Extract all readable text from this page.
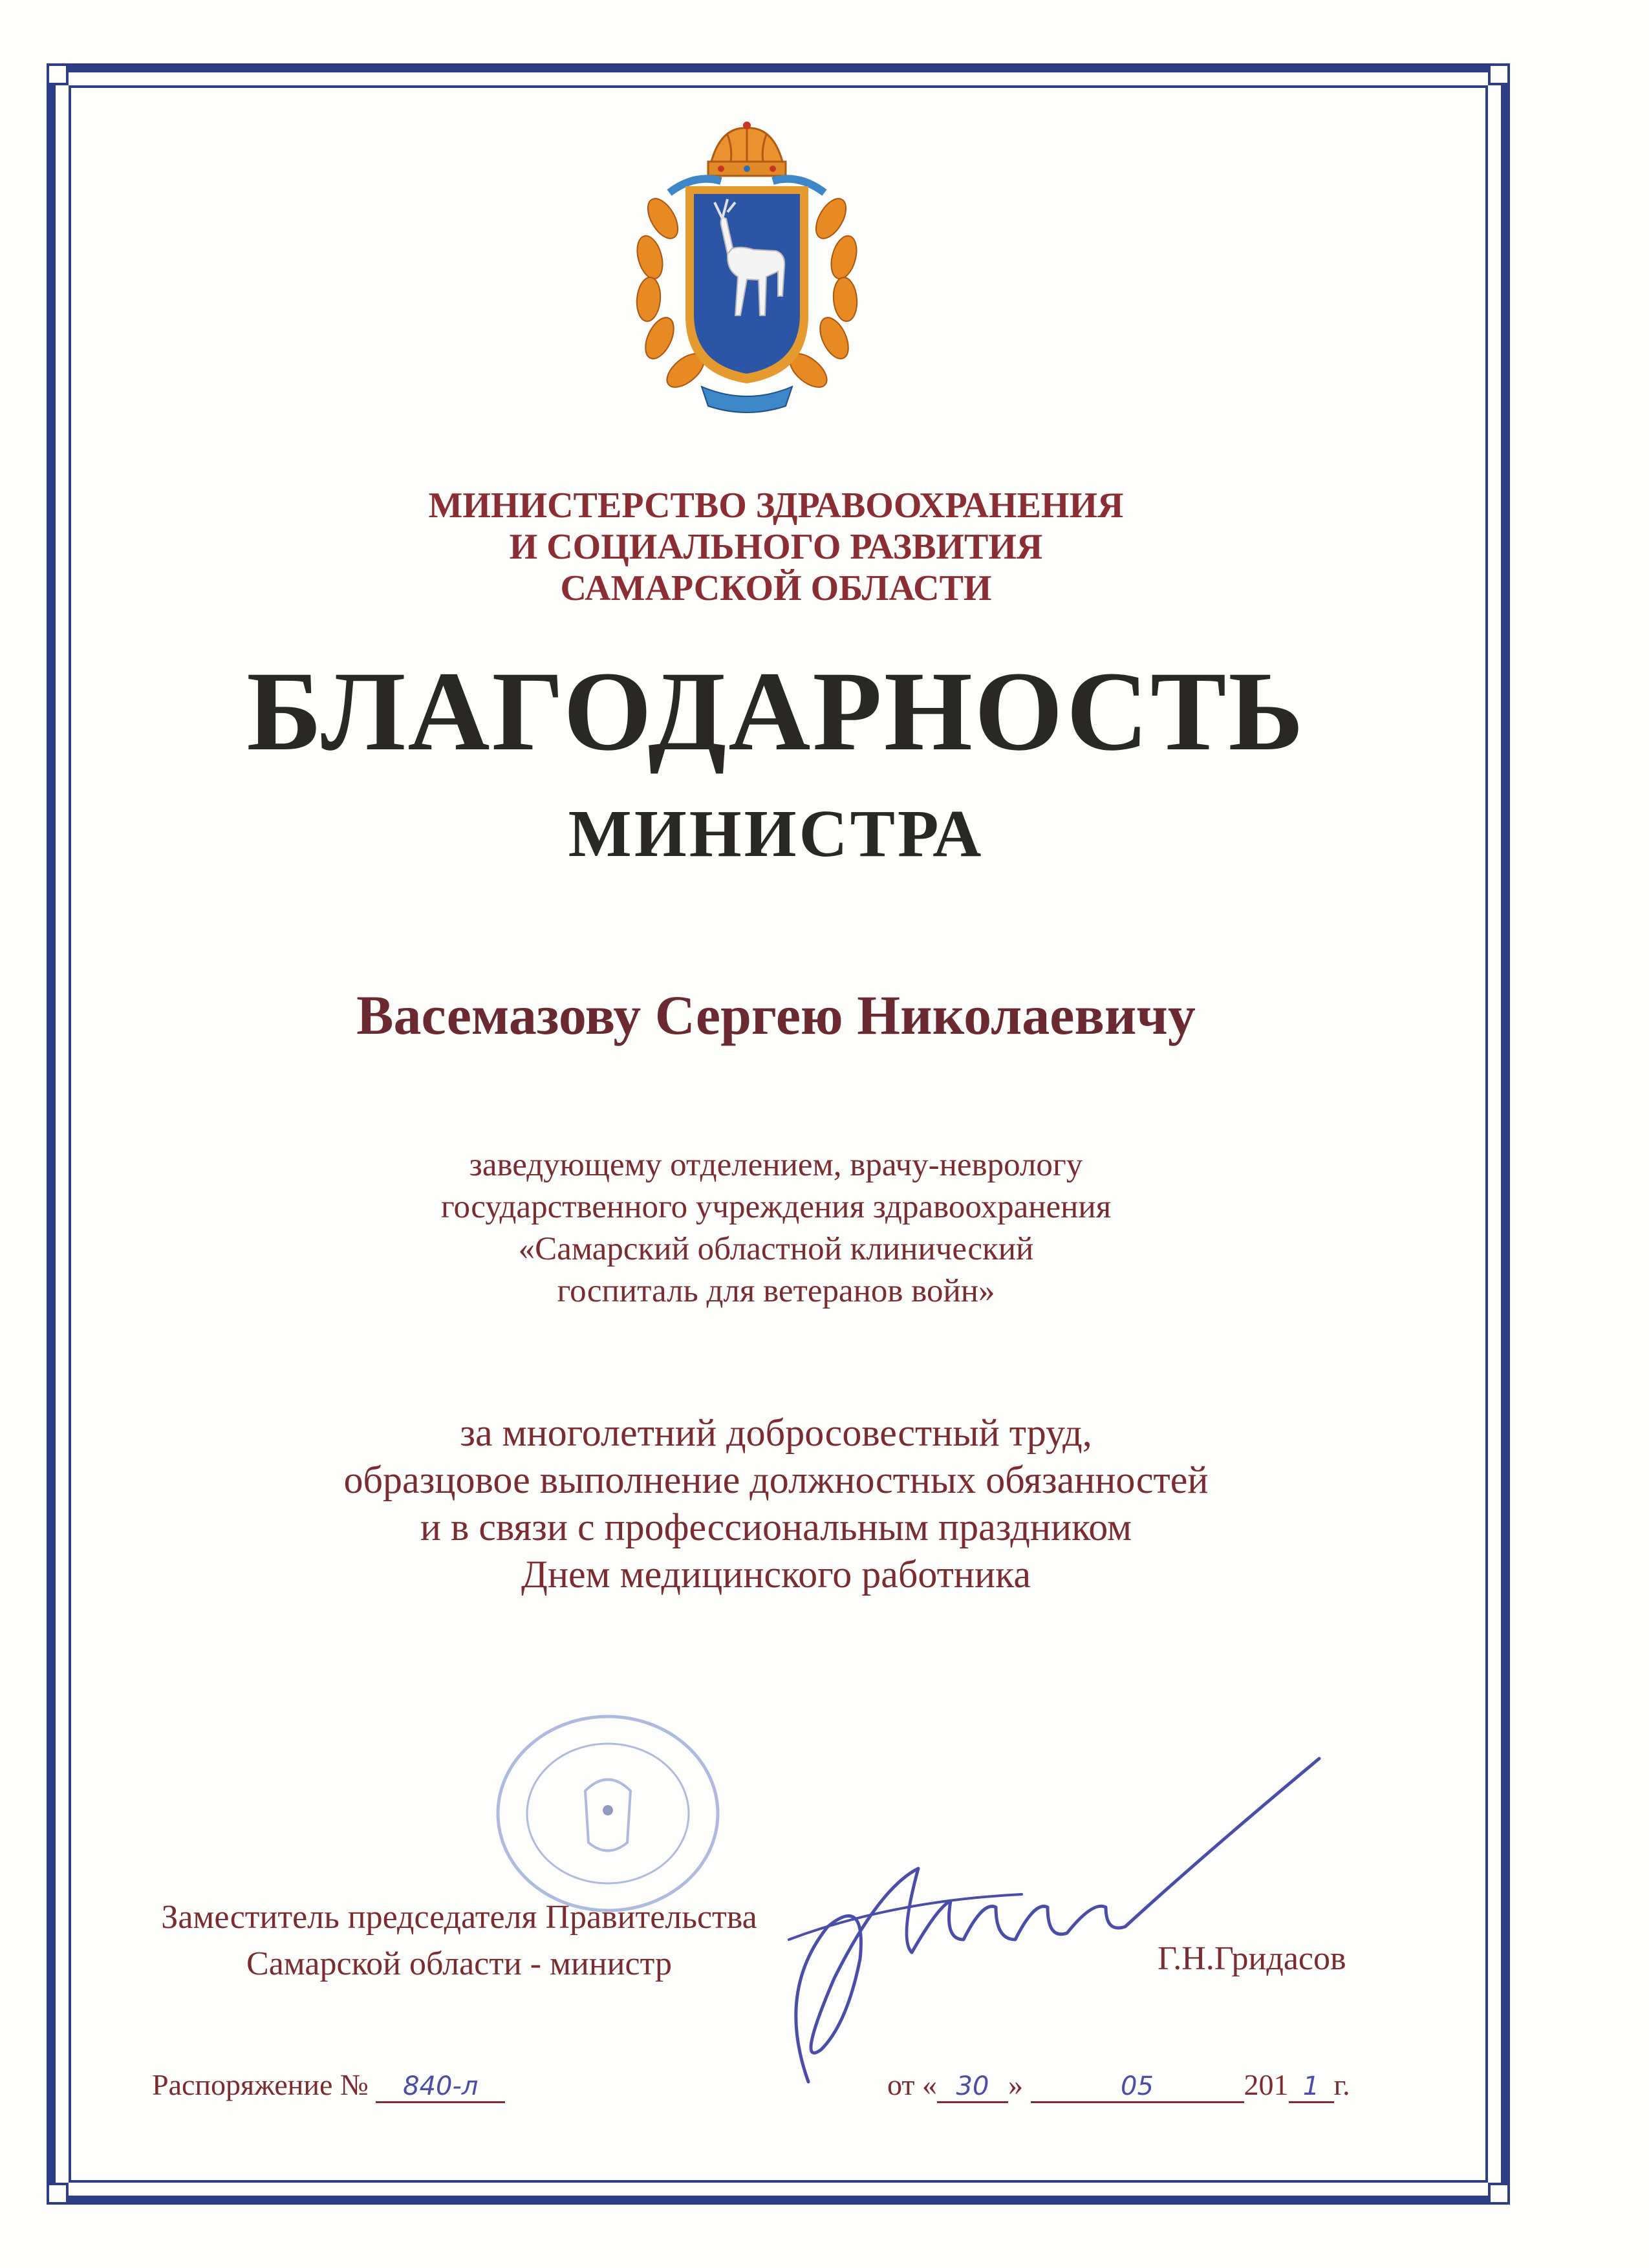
МИНИСТЕРСТВО ЗДРАВООХРАНЕНИЯ
И СОЦИАЛЬНОГО РАЗВИТИЯ
САМАРСКОЙ ОБЛАСТИ
БЛАГОДАРНОСТЬ
МИНИСТРА
Васемазову Сергею Николаевичу
заведующему отделением, врачу-неврологу
государственного учреждения здравоохранения
«Самарский областной клинический
госпиталь для ветеранов войн»
за многолетний добросовестный труд,
образцовое выполнение должностных обязанностей
и в связи с профессиональным праздником
Днем медицинского работника
Заместитель председателя Правительства
Самарской области - министр	Г.Н.Гридасов
Распоряжение № 840-л	от « 30 »	05	201 1 г.
